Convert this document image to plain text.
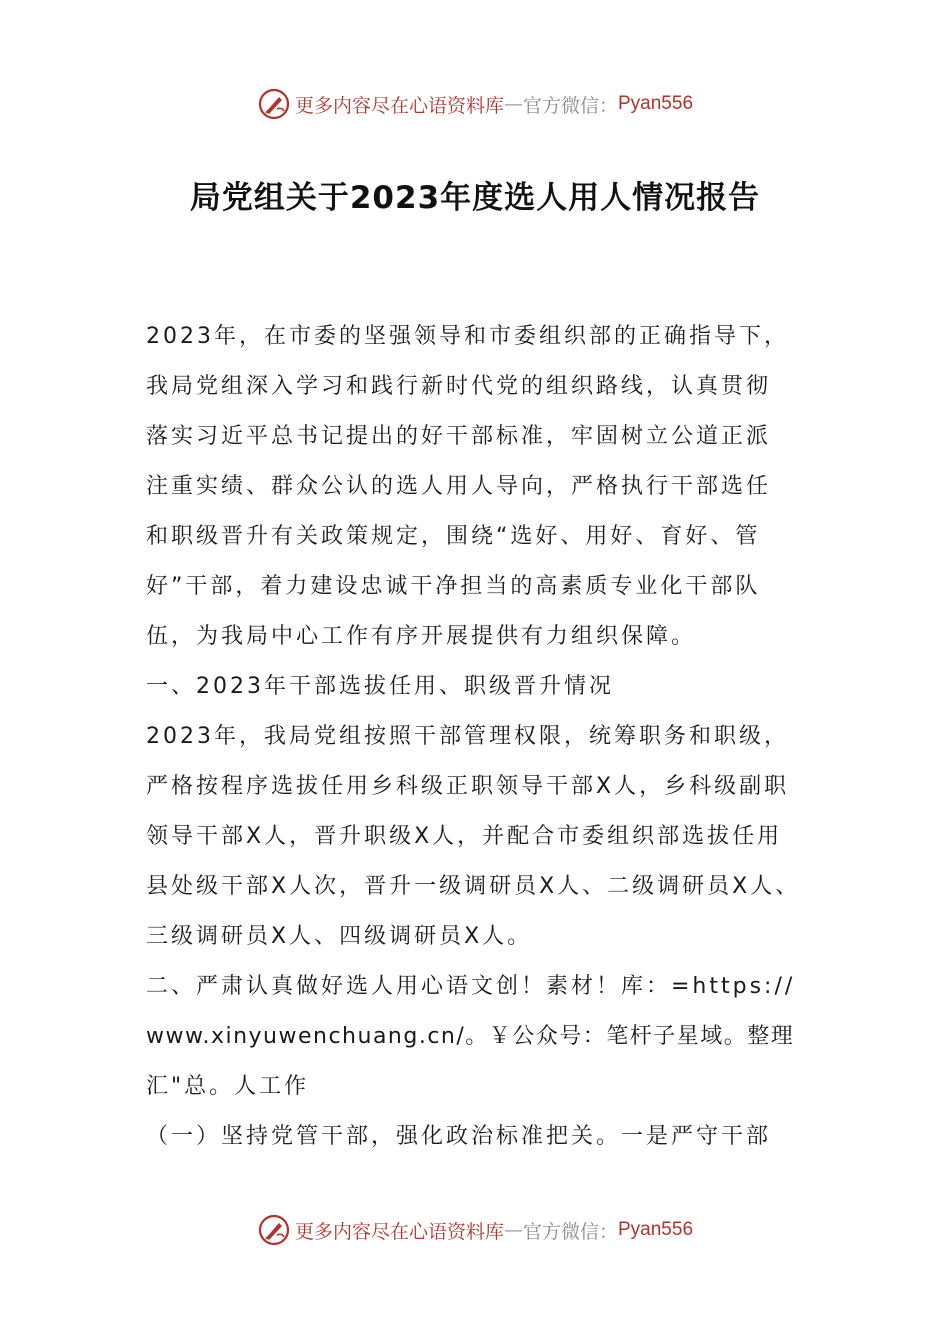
更多内容尽在心语资料库 — 官方微信： Pyan556
局党组关于2023年度选人用人情况报告
2023年，在市委的坚强领导和市委组织部的正确指导下，
我局党组深入学习和践行新时代党的组织路线，认真贯彻
落实习近平总书记提出的好干部标准，牢固树立公道正派
注重实绩、群众公认的选人用人导向，严格执行干部选任
和职级晋升有关政策规定，围绕“选好、用好、育好、管
好”干部，着力建设忠诚干净担当的高素质专业化干部队
伍，为我局中心工作有序开展提供有力组织保障。
一、2023年干部选拔任用、职级晋升情况
2023年，我局党组按照干部管理权限，统筹职务和职级，
严格按程序选拔任用乡科级正职领导干部X人，乡科级副职
领导干部X人，晋升职级X人，并配合市委组织部选拔任用
县处级干部X人次，晋升一级调研员X人、二级调研员X人、
三级调研员X人、四级调研员X人。
二、严肃认真做好选人用心语文创！素材！库：=https://
www.xinyuwenchuang.cn/。￥公众号：笔杆子星域。整理
汇"总。人工作
（一）坚持党管干部，强化政治标准把关。一是严守干部
更多内容尽在心语资料库 — 官方微信： Pyan556
